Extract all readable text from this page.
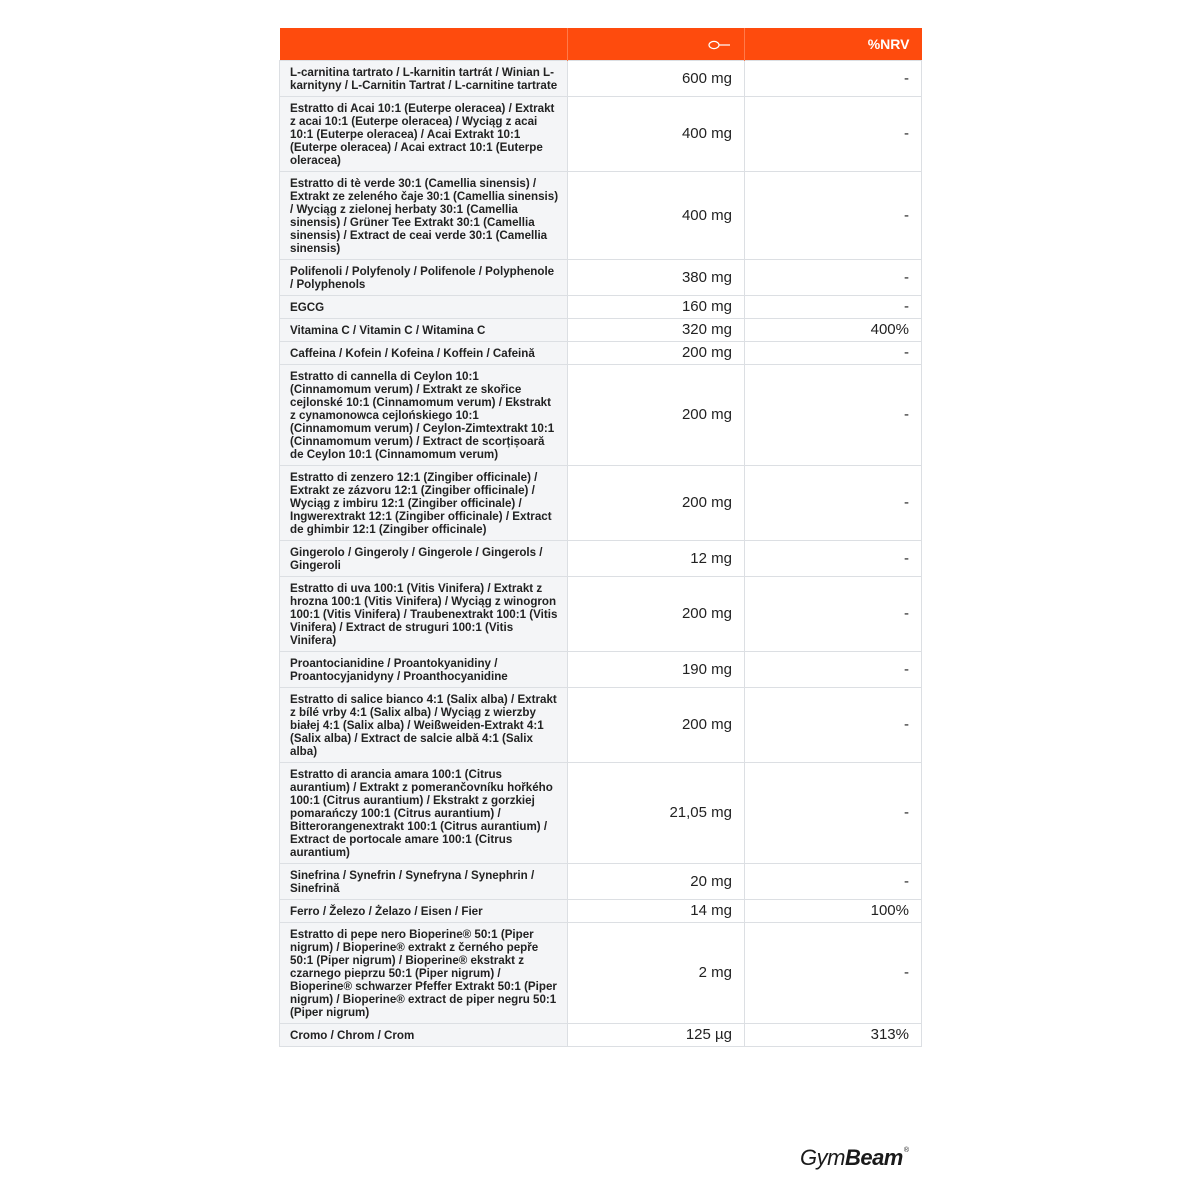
		%NRV
L-carnitina tartrato / L-karnitin tartrát / Winian L-karnityny / L-Carnitin Tartrat / L-carnitine tartrate	600 mg	-
Estratto di Acai 10:1 (Euterpe oleracea) / Extrakt z acai 10:1 (Euterpe oleracea) / Wyciąg z acai 10:1 (Euterpe oleracea) / Acai Extrakt 10:1 (Euterpe oleracea) / Acai extract 10:1 (Euterpe oleracea)	400 mg	-
Estratto di tè verde 30:1 (Camellia sinensis) / Extrakt ze zeleného čaje 30:1 (Camellia sinensis) / Wyciąg z zielonej herbaty 30:1 (Camellia sinensis) / Grüner Tee Extrakt 30:1 (Camellia sinensis) / Extract de ceai verde 30:1 (Camellia sinensis)	400 mg	-
Polifenoli / Polyfenoly / Polifenole / Polyphenole / Polyphenols	380 mg	-
EGCG	160 mg	-
Vitamina C / Vitamin C / Witamina C	320 mg	400%
Caffeina / Kofein / Kofeina / Koffein / Cafeină	200 mg	-
Estratto di cannella di Ceylon 10:1 (Cinnamomum verum) / Extrakt ze skořice cejlonské 10:1 (Cinnamomum verum) / Ekstrakt z cynamonowca cejlońskiego 10:1 (Cinnamomum verum) / Ceylon-Zimtextrakt 10:1 (Cinnamomum verum) / Extract de scorțișoară de Ceylon 10:1 (Cinnamomum verum)	200 mg	-
Estratto di zenzero 12:1 (Zingiber officinale) / Extrakt ze zázvoru 12:1 (Zingiber officinale) / Wyciąg z imbiru 12:1 (Zingiber officinale) / Ingwerextrakt 12:1 (Zingiber officinale) / Extract de ghimbir 12:1 (Zingiber officinale)	200 mg	-
Gingerolo / Gingeroly / Gingerole / Gingerols / Gingeroli	12 mg	-
Estratto di uva 100:1 (Vitis Vinifera) / Extrakt z hrozna 100:1 (Vitis Vinifera) / Wyciąg z winogron 100:1 (Vitis Vinifera) / Traubenextrakt 100:1 (Vitis Vinifera) / Extract de struguri 100:1 (Vitis Vinifera)	200 mg	-
Proantocianidine / Proantokyanidiny / Proantocyjanidyny / Proanthocyanidine	190 mg	-
Estratto di salice bianco 4:1 (Salix alba) / Extrakt z bílé vrby 4:1 (Salix alba) / Wyciąg z wierzby białej 4:1 (Salix alba) / Weißweiden-Extrakt 4:1 (Salix alba) / Extract de salcie albă 4:1 (Salix alba)	200 mg	-
Estratto di arancia amara 100:1 (Citrus aurantium) / Extrakt z pomerančovníku hořkého 100:1 (Citrus aurantium) / Ekstrakt z gorzkiej pomarańczy 100:1 (Citrus aurantium) / Bitterorangenextrakt 100:1 (Citrus aurantium) / Extract de portocale amare 100:1 (Citrus aurantium)	21,05 mg	-
Sinefrina / Synefrin / Synefryna / Synephrin / Sinefrină	20 mg	-
Ferro / Železo / Żelazo / Eisen / Fier	14 mg	100%
Estratto di pepe nero Bioperine® 50:1 (Piper nigrum) / Bioperine® extrakt z černého pepře 50:1 (Piper nigrum) / Bioperine® ekstrakt z czarnego pieprzu 50:1 (Piper nigrum) / Bioperine® schwarzer Pfeffer Extrakt 50:1 (Piper nigrum) / Bioperine® extract de piper negru 50:1 (Piper nigrum)	2 mg	-
Cromo / Chrom / Crom	125 µg	313%
GymBeam®
